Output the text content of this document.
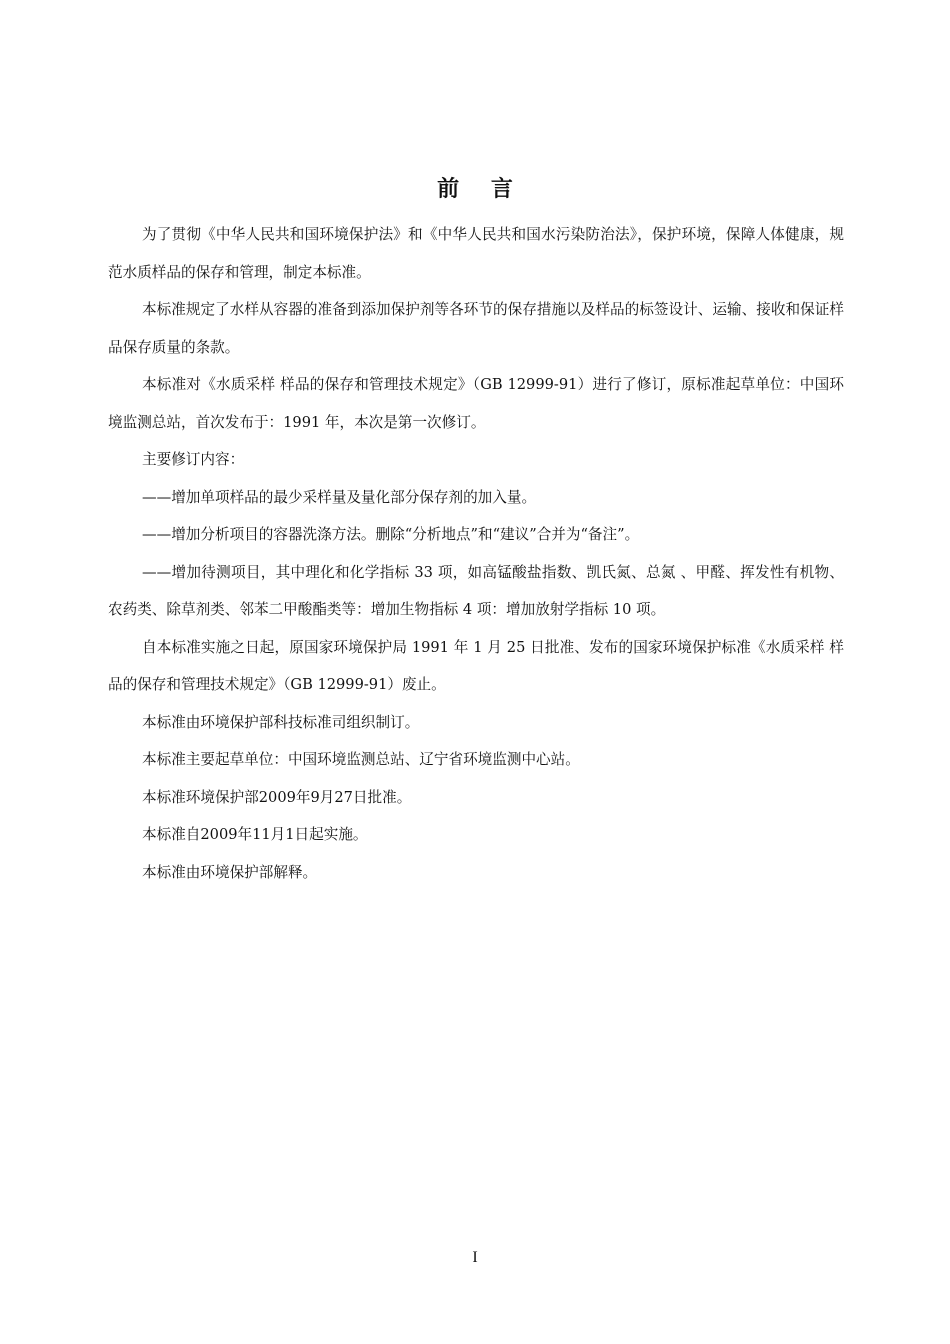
前 言

为了贯彻《中华人民共和国环境保护法》和《中华人民共和国水污染防治法》，保护环境，保障人体健康，规范水质样品的保存和管理，制定本标准。

本标准规定了水样从容器的准备到添加保护剂等各环节的保存措施以及样品的标签设计、运输、接收和保证样品保存质量的条款。

本标准对《水质采样 样品的保存和管理技术规定》（GB 12999-91）进行了修订，原标准起草单位：中国环境监测总站，首次发布于：1991 年，本次是第一次修订。

主要修订内容：

——增加单项样品的最少采样量及量化部分保存剂的加入量。

——增加分析项目的容器洗涤方法。删除“分析地点”和“建议”合并为“备注”。

——增加待测项目，其中理化和化学指标 33 项，如高锰酸盐指数、凯氏氮、总氮 、甲醛、挥发性有机物、农药类、除草剂类、邻苯二甲酸酯类等：增加生物指标 4 项：增加放射学指标 10 项。

自本标准实施之日起，原国家环境保护局 1991 年 1 月 25 日批准、发布的国家环境保护标准《水质采样 样品的保存和管理技术规定》（GB 12999-91）废止。

本标准由环境保护部科技标准司组织制订。

本标准主要起草单位：中国环境监测总站、辽宁省环境监测中心站。

本标准环境保护部2009年9月27日批准。

本标准自2009年11月1日起实施。

本标准由环境保护部解释。

I
